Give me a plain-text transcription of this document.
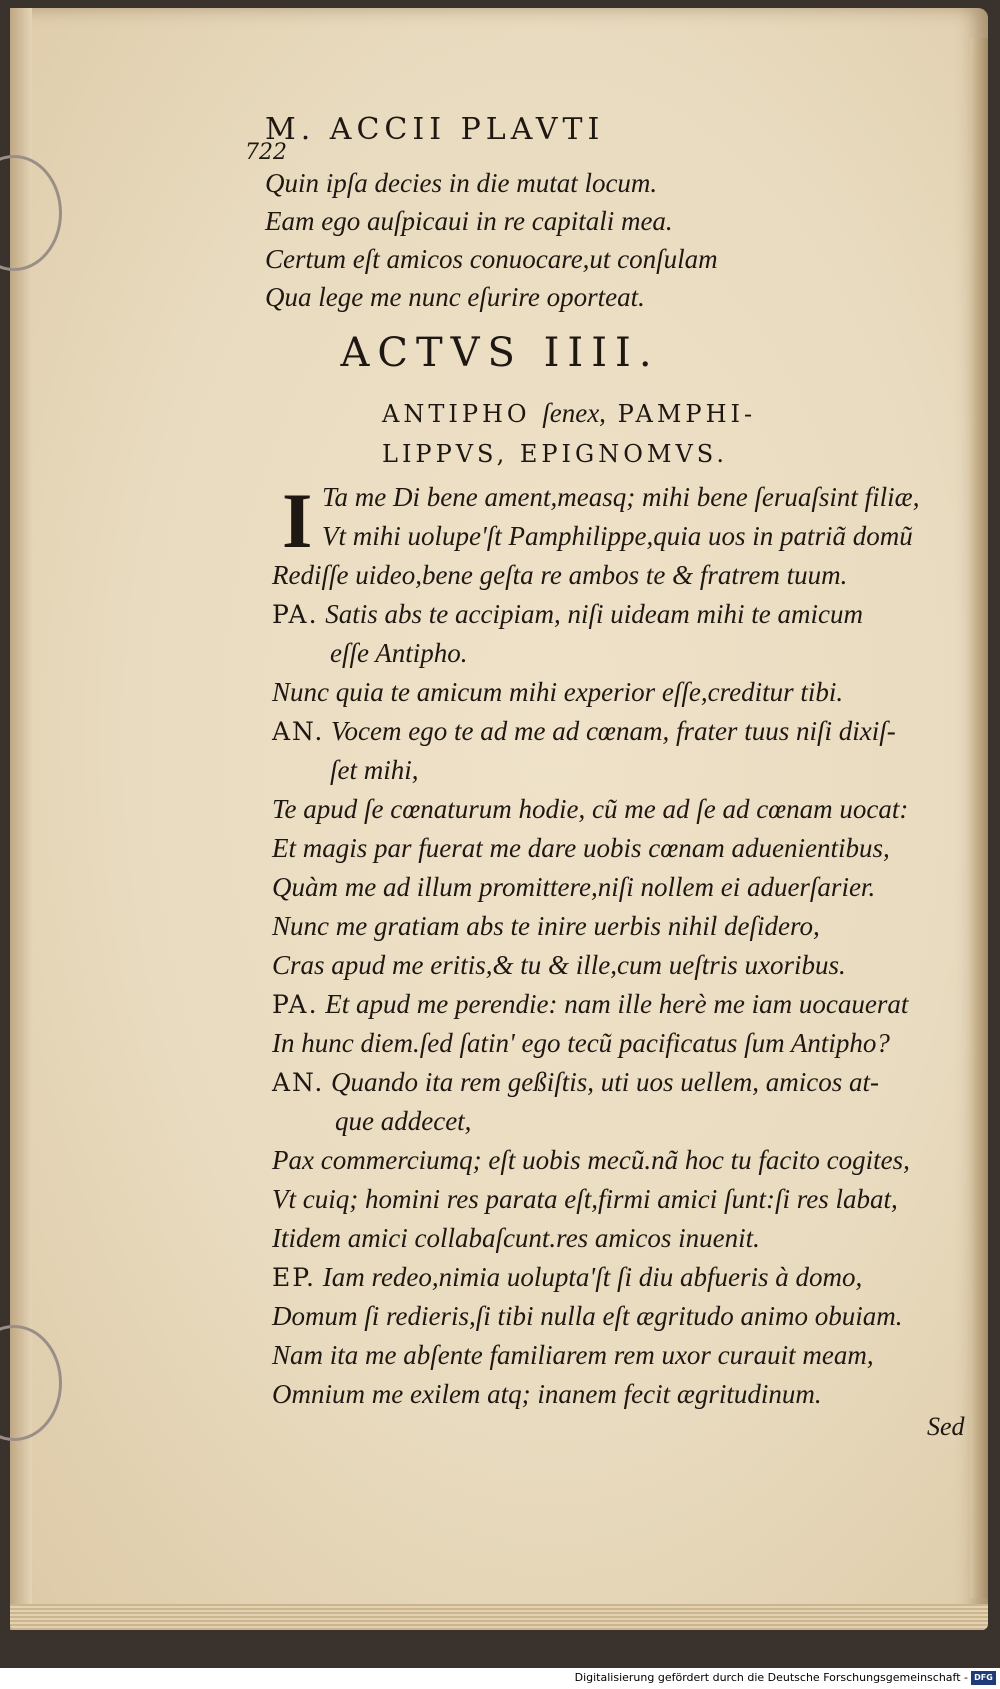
722
M. ACCII PLAVTI
Quin ipſa decies in die mutat locum.
Eam ego auſpicaui in re capitali mea.
Certum eſt amicos conuocare,ut conſulam
Qua lege me nunc eſurire oporteat.
ACTVS IIII.
ANTIPHO ſenex, PAMPHI-
LIPPVS, EPIGNOMVS.
I Ta me Di bene ament,measq; mihi bene ſeruaſsint filiæ,
Vt mihi uolupe'ſt Pamphilippe,quia uos in patriã domũ
Rediſſe uideo,bene geſta re ambos te & fratrem tuum.
PA. Satis abs te accipiam, niſi uideam mihi te amicum
eſſe Antipho.
Nunc quia te amicum mihi experior eſſe,creditur tibi.
AN. Vocem ego te ad me ad cœnam, frater tuus niſi dixiſ-
ſet mihi,
Te apud ſe cœnaturum hodie, cũ me ad ſe ad cœnam uocat:
Et magis par fuerat me dare uobis cœnam aduenientibus,
Quàm me ad illum promittere,niſi nollem ei aduerſarier.
Nunc me gratiam abs te inire uerbis nihil deſidero,
Cras apud me eritis,& tu & ille,cum ueſtris uxoribus.
PA. Et apud me perendie: nam ille herè me iam uocauerat
In hunc diem.ſed ſatin' ego tecũ pacificatus ſum Antipho?
AN. Quando ita rem geßiſtis, uti uos uellem, amicos at-
que addecet,
Pax commerciumq; eſt uobis mecũ.nã hoc tu facito cogites,
Vt cuiq; homini res parata eſt,firmi amici ſunt:ſi res labat,
Itidem amici collabaſcunt.res amicos inuenit.
EP. Iam redeo,nimia uolupta'ſt ſi diu abfueris à domo,
Domum ſi redieris,ſi tibi nulla eſt ægritudo animo obuiam.
Nam ita me abſente familiarem rem uxor curauit meam,
Omnium me exilem atq; inanem fecit ægritudinum.
Sed
Digitalisierung gefördert durch die Deutsche Forschungsgemeinschaft - DFG
